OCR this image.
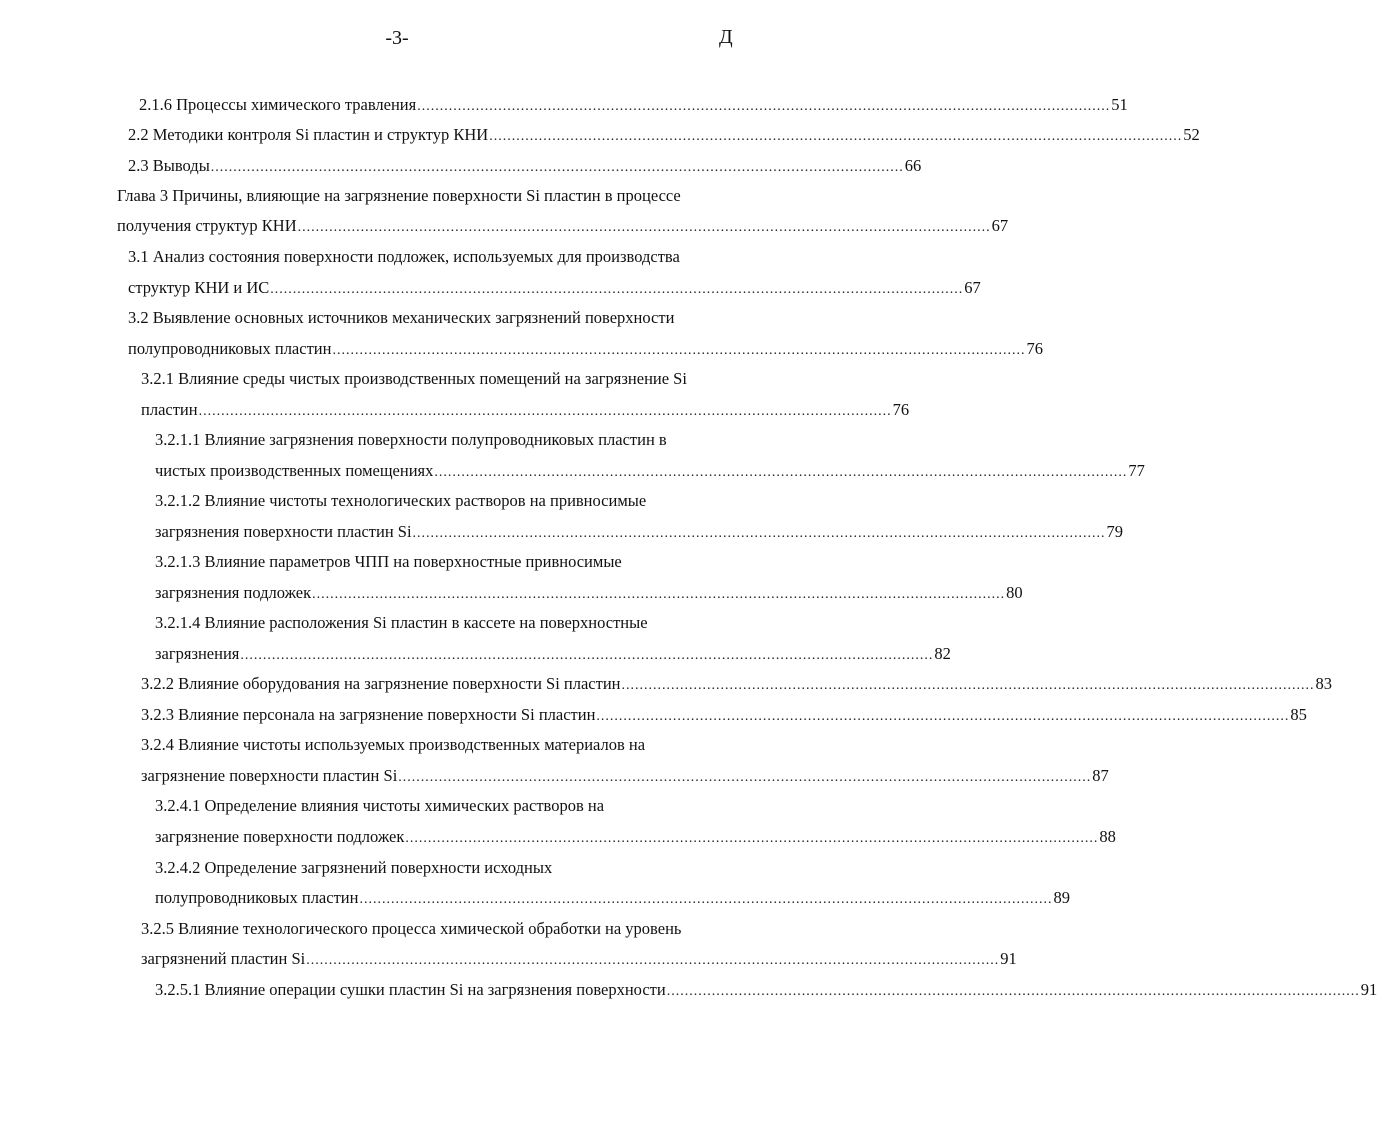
-3-	Д
2.1.6 Процессы химического травления .......................................................................................................................................................... 51
2.2 Методики контроля Si пластин и структур КНИ .......................................................................................................................................................... 52
2.3 Выводы .......................................................................................................................................................... 66
Глава 3 Причины, влияющие на загрязнение поверхности Si пластин в процессе
получения структур КНИ .......................................................................................................................................................... 67
3.1 Анализ состояния поверхности подложек, используемых для производства
структур КНИ и ИС .......................................................................................................................................................... 67
3.2 Выявление основных источников механических загрязнений поверхности
полупроводниковых пластин .......................................................................................................................................................... 76
3.2.1 Влияние среды чистых производственных помещений на загрязнение Si
пластин .......................................................................................................................................................... 76
3.2.1.1 Влияние загрязнения поверхности полупроводниковых пластин в
чистых производственных помещениях .......................................................................................................................................................... 77
3.2.1.2 Влияние чистоты технологических растворов на привносимые
загрязнения поверхности пластин Si .......................................................................................................................................................... 79
3.2.1.3 Влияние параметров ЧПП на поверхностные привносимые
загрязнения подложек .......................................................................................................................................................... 80
3.2.1.4 Влияние расположения Si пластин в кассете на поверхностные
загрязнения .......................................................................................................................................................... 82
3.2.2 Влияние оборудования на загрязнение поверхности Si пластин .......................................................................................................................................................... 83
3.2.3 Влияние персонала на загрязнение поверхности Si пластин .......................................................................................................................................................... 85
3.2.4 Влияние чистоты используемых производственных материалов на
загрязнение поверхности пластин Si .......................................................................................................................................................... 87
3.2.4.1 Определение влияния чистоты химических растворов на
загрязнение поверхности подложек .......................................................................................................................................................... 88
3.2.4.2 Определение загрязнений поверхности исходных
полупроводниковых пластин .......................................................................................................................................................... 89
3.2.5 Влияние технологического процесса химической обработки на уровень
загрязнений пластин Si .......................................................................................................................................................... 91
3.2.5.1 Влияние операции сушки пластин Si на загрязнения поверхности .......................................................................................................................................................... 91
